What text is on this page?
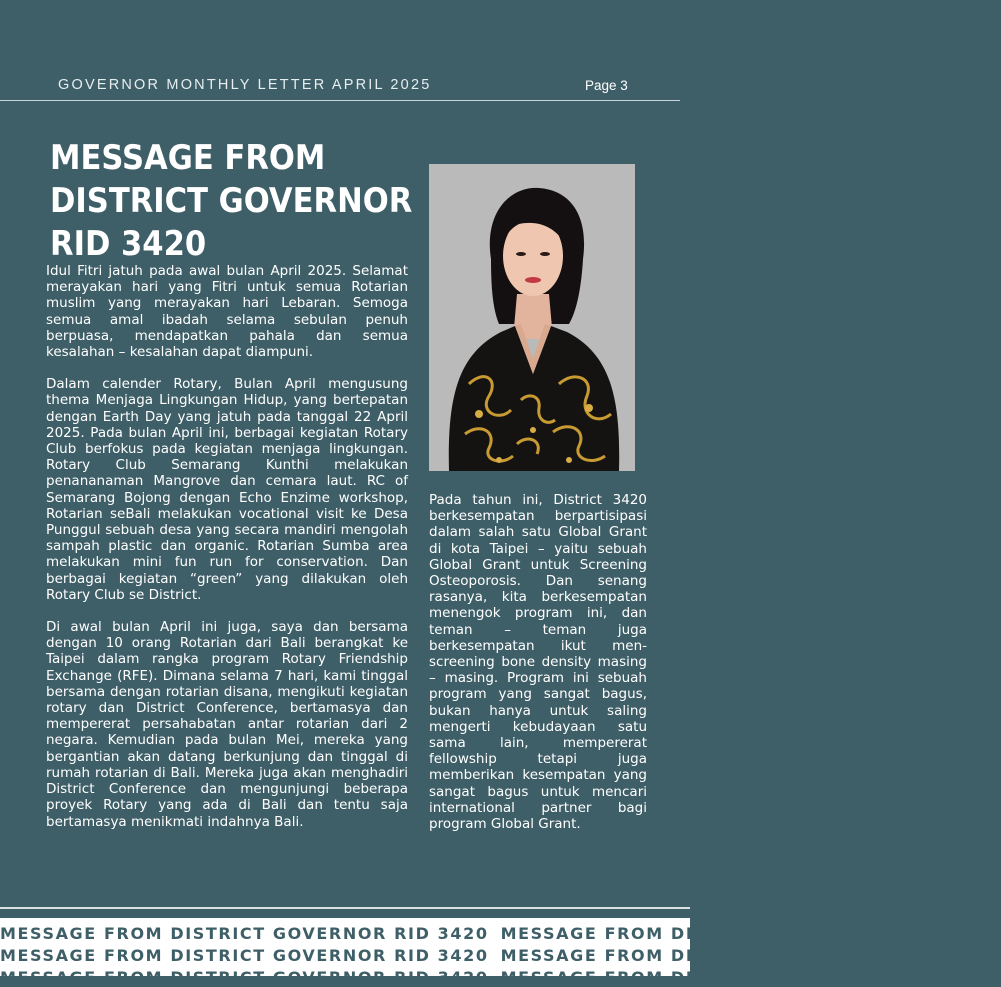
GOVERNOR MONTHLY LETTER APRIL 2025	Page 3
MESSAGE FROM
DISTRICT GOVERNOR
RID 3420

Idul Fitri jatuh pada awal bulan April 2025. Selamat merayakan hari yang Fitri untuk semua Rotarian muslim yang merayakan hari Lebaran. Semoga semua amal ibadah selama sebulan penuh berpuasa, mendapatkan pahala dan semua kesalahan – kesalahan dapat diampuni.

Dalam calender Rotary, Bulan April mengusung thema Menjaga Lingkungan Hidup, yang bertepatan dengan Earth Day yang jatuh pada tanggal 22 April 2025. Pada bulan April ini, berbagai kegiatan Rotary Club berfokus pada kegiatan menjaga lingkungan. Rotary Club Semarang Kunthi melakukan penananaman Mangrove dan cemara laut. RC of Semarang Bojong dengan Echo Enzime workshop, Rotarian seBali melakukan vocational visit ke Desa Punggul sebuah desa yang secara mandiri mengolah sampah plastic dan organic. Rotarian Sumba area melakukan mini fun run for conservation. Dan berbagai kegiatan “green” yang dilakukan oleh Rotary Club se District.

Di awal bulan April ini juga, saya dan bersama dengan 10 orang Rotarian dari Bali berangkat ke Taipei dalam rangka program Rotary Friendship Exchange (RFE). Dimana selama 7 hari, kami tinggal bersama dengan rotarian disana, mengikuti kegiatan rotary dan District Conference, bertamasya dan mempererat persahabatan antar rotarian dari 2 negara. Kemudian pada bulan Mei, mereka yang bergantian akan datang berkunjung dan tinggal di rumah rotarian di Bali. Mereka juga akan menghadiri District Conference dan mengunjungi beberapa proyek Rotary yang ada di Bali dan tentu saja bertamasya menikmati indahnya Bali.

Pada tahun ini, District 3420 berkesempatan berpartisipasi dalam salah satu Global Grant di kota Taipei – yaitu sebuah Global Grant untuk Screening Osteoporosis. Dan senang rasanya, kita berkesempatan menengok program ini, dan teman – teman juga berkesempatan ikut men-screening bone density masing – masing. Program ini sebuah program yang sangat bagus, bukan hanya untuk saling mengerti kebudayaan satu sama lain, mempererat fellowship tetapi juga memberikan kesempatan yang sangat bagus untuk mencari international partner bagi program Global Grant.

MESSAGE FROM DISTRICT GOVERNOR RID 3420 MESSAGE FROM DISTRICT GOVERNOR RID 3420
MESSAGE FROM DISTRICT GOVERNOR RID 3420 MESSAGE FROM DISTRICT GOVERNOR RID 3420
MESSAGE FROM DISTRICT GOVERNOR RID 3420 MESSAGE FROM DISTRICT GOVERNOR RID 3420
